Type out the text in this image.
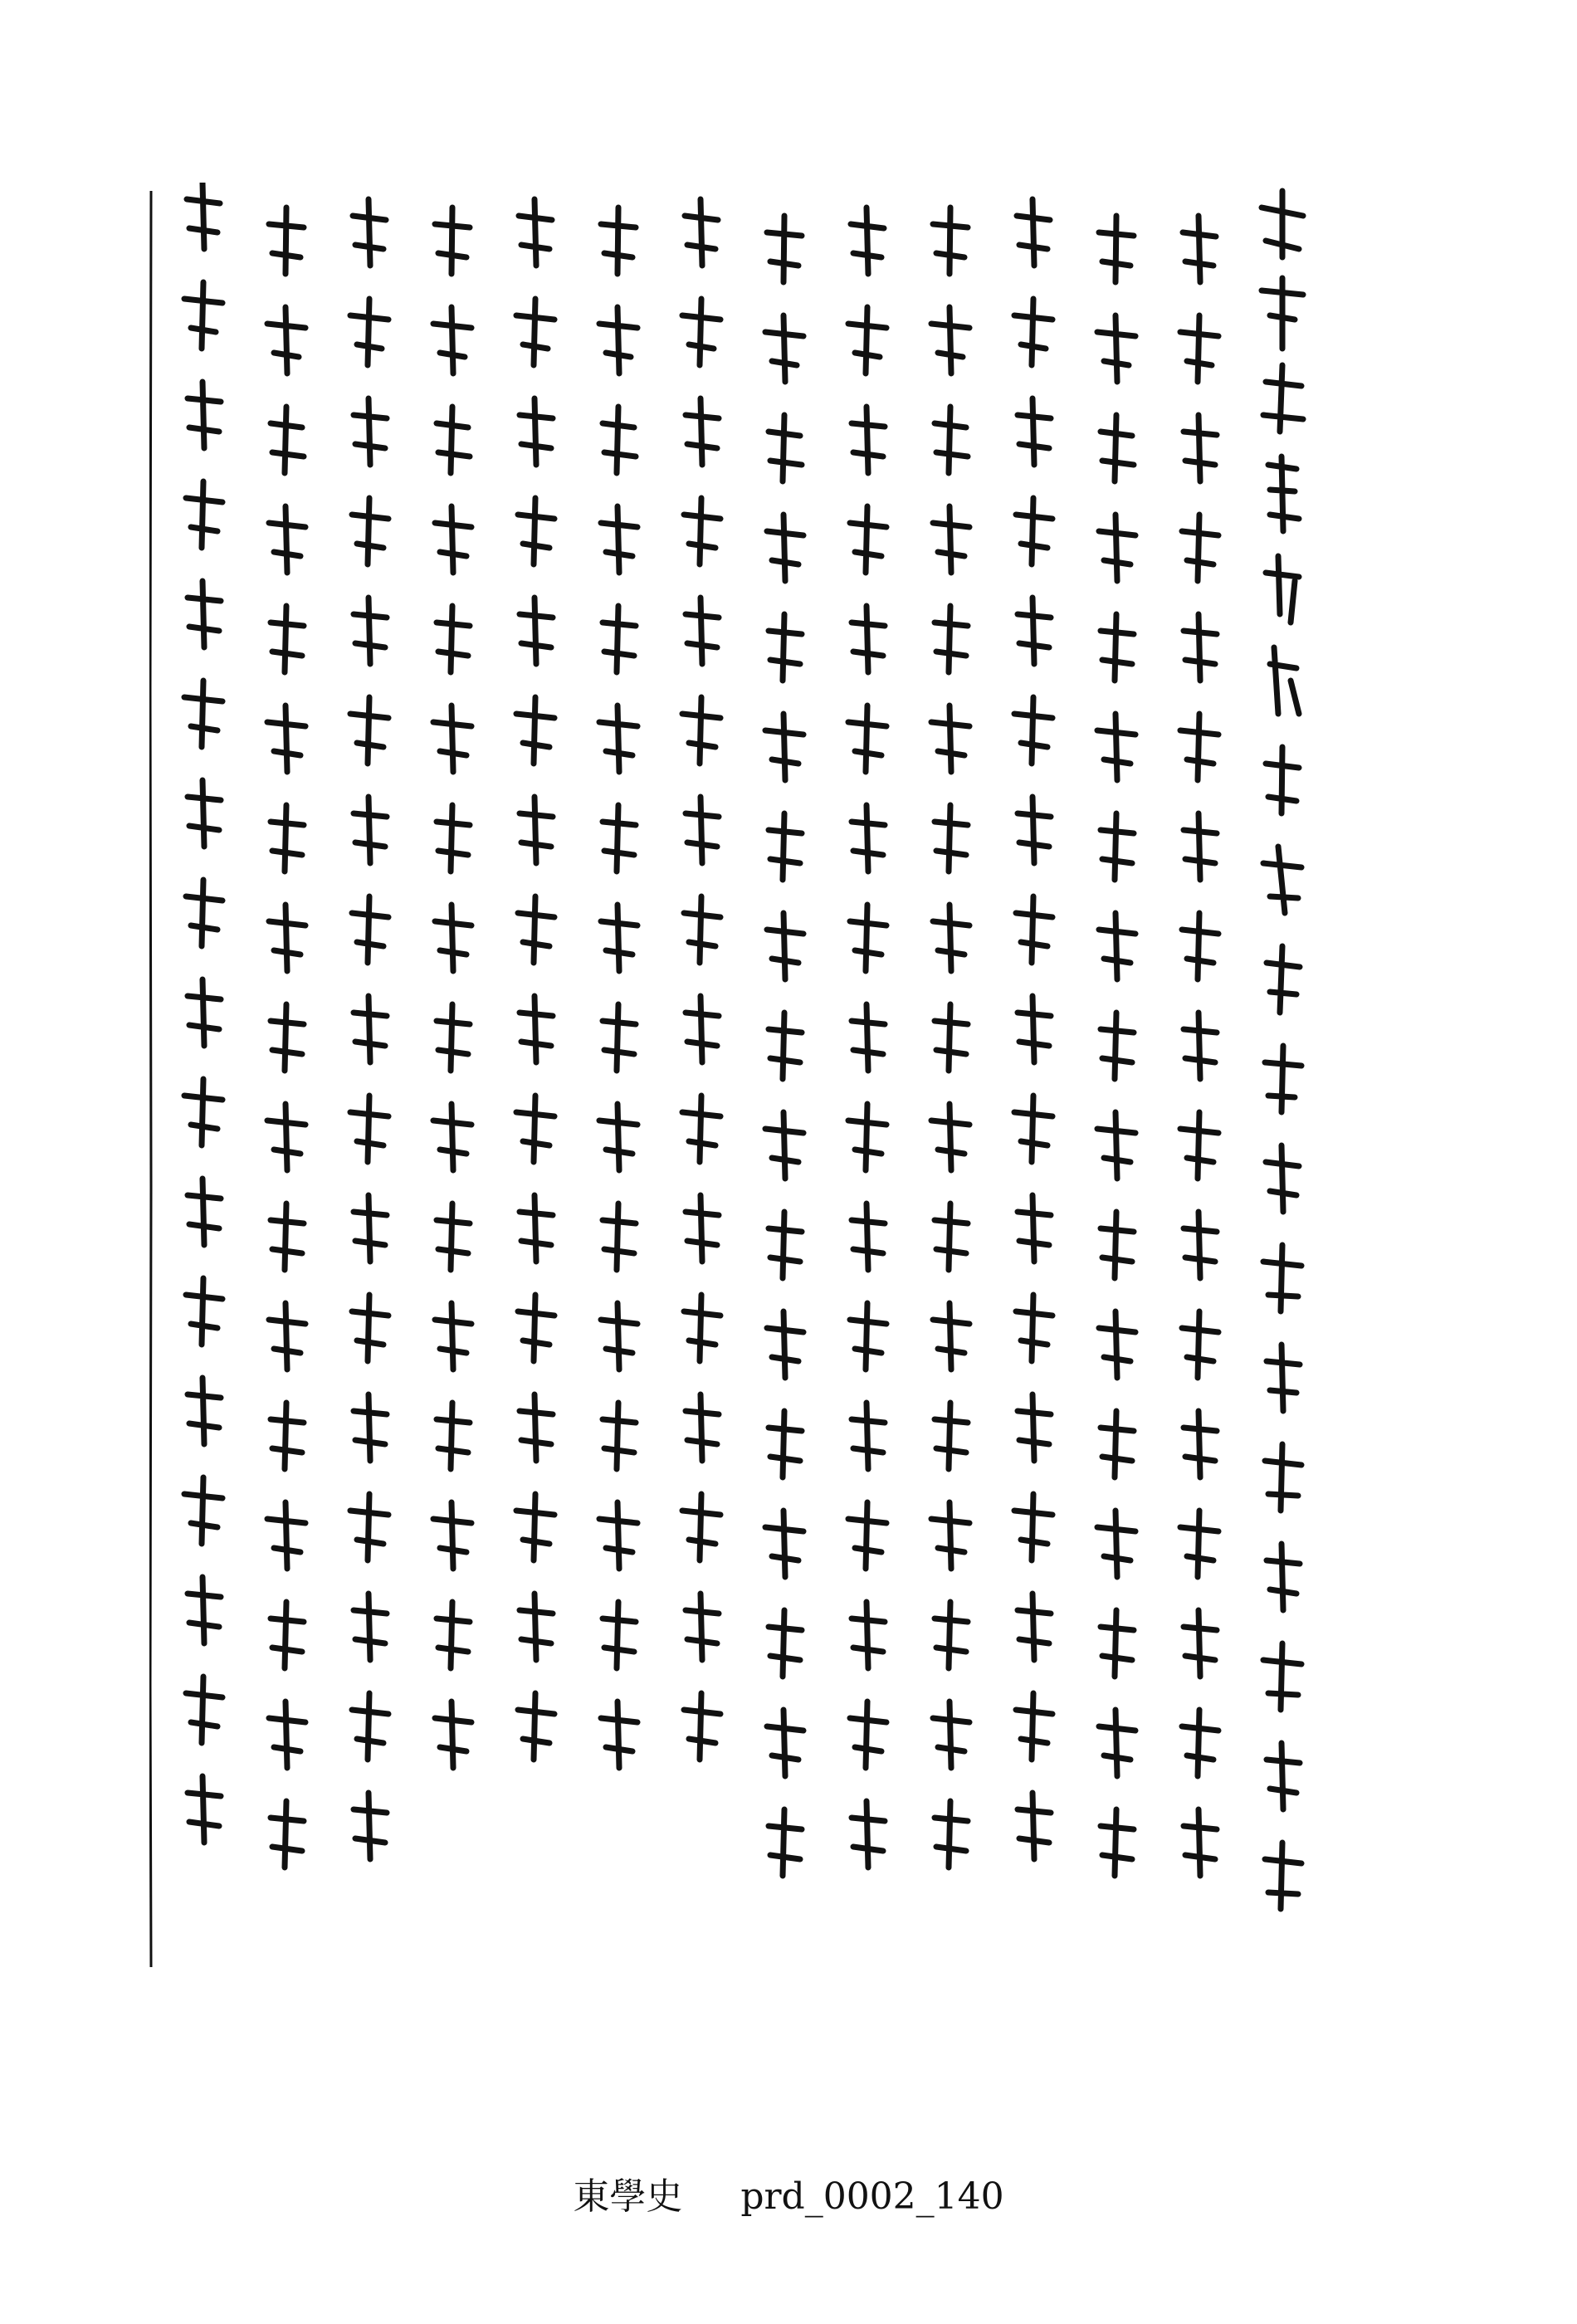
東學史 prd_0002_140
